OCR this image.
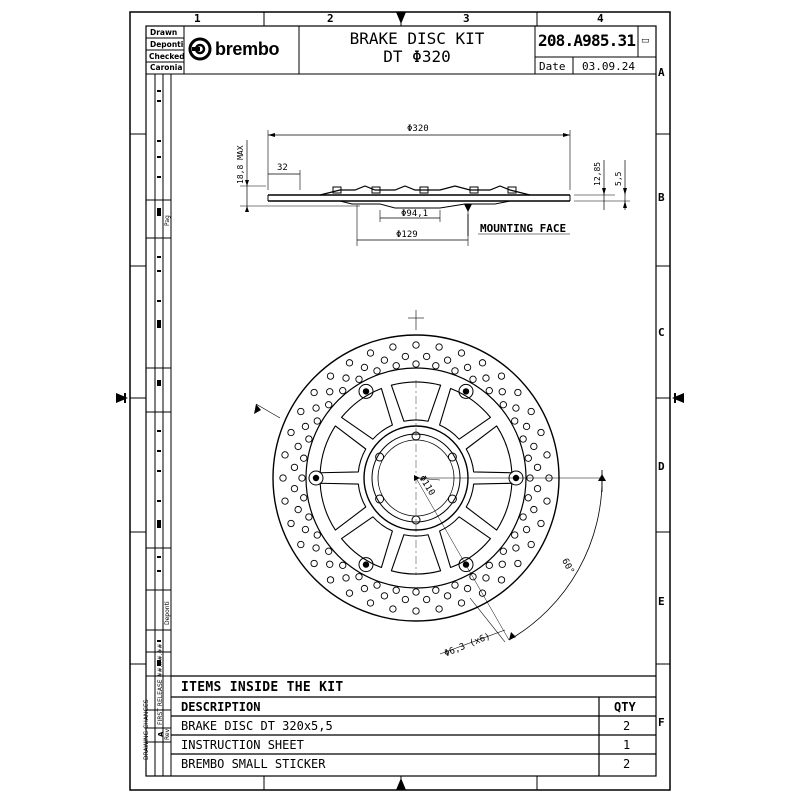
1	2	3	4
A
B
C
D
E
F
Drawn
Deponti
Checked
Caronia
brembo	BRAKE DISC KIT
DT Φ320
208.A985.31 ▭
Date 03.09.24
DRAWING CHANGES A Rev
FIRST RELEASE ##.##.##
Deponti
Pag
Φ320
18,8 MAX	32	12,85 5,5
Φ94,1
Φ129	MOUNTING FACE
Φ110
Φ6,3 (x6)
60°
ITEMS INSIDE THE KIT
DESCRIPTION	QTY
BRAKE DISC DT 320x5,5	2
INSTRUCTION SHEET	1
BREMBO SMALL STICKER	2
